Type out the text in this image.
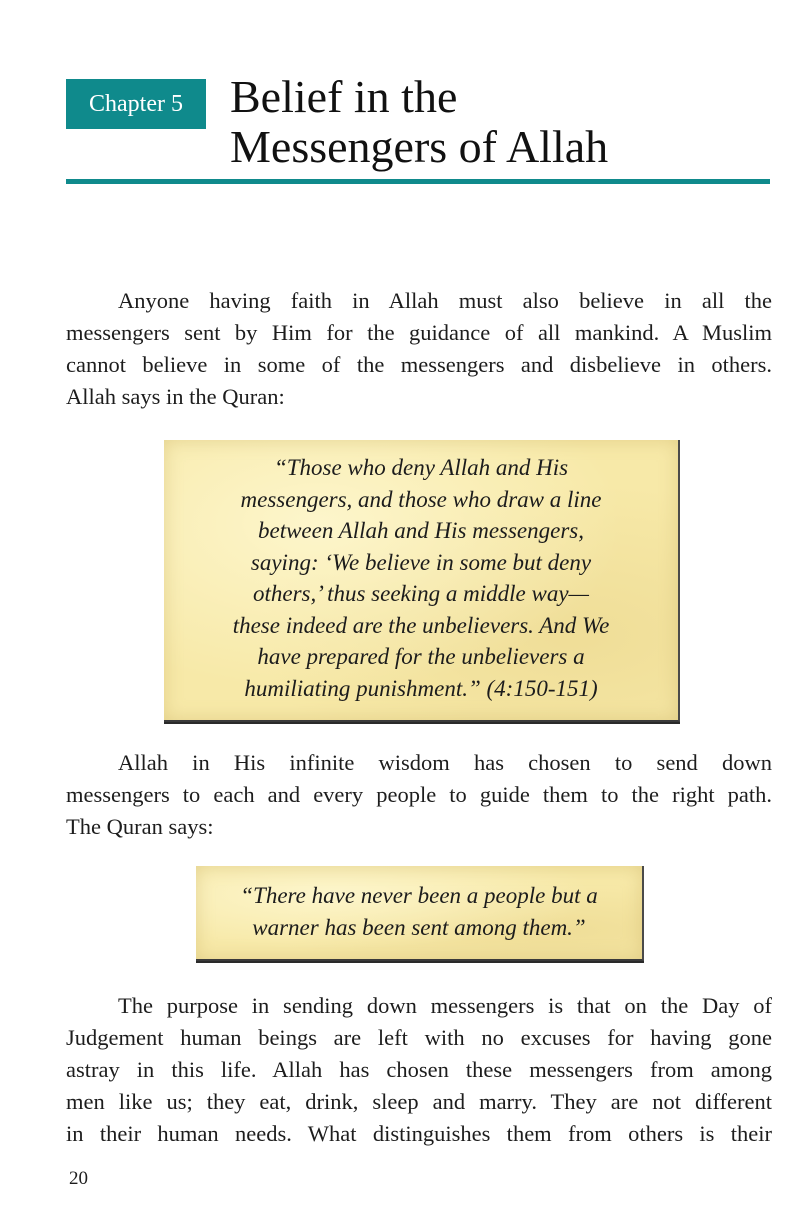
Chapter 5	Belief in the
Messengers of Allah

Anyone having faith in Allah must also believe in all the
messengers sent by Him for the guidance of all mankind. A Muslim
cannot believe in some of the messengers and disbelieve in others.
Allah says in the Quran:

“Those who deny Allah and His
messengers, and those who draw a line
between Allah and His messengers,
saying: ‘We believe in some but deny
others,’ thus seeking a middle way—
these indeed are the unbelievers. And We
have prepared for the unbelievers a
humiliating punishment.” (4:150-151)

Allah in His infinite wisdom has chosen to send down
messengers to each and every people to guide them to the right path.
The Quran says:

“There have never been a people but a
warner has been sent among them.”

The purpose in sending down messengers is that on the Day of
Judgement human beings are left with no excuses for having gone
astray in this life. Allah has chosen these messengers from among
men like us; they eat, drink, sleep and marry. They are not different
in their human needs. What distinguishes them from others is their

20
